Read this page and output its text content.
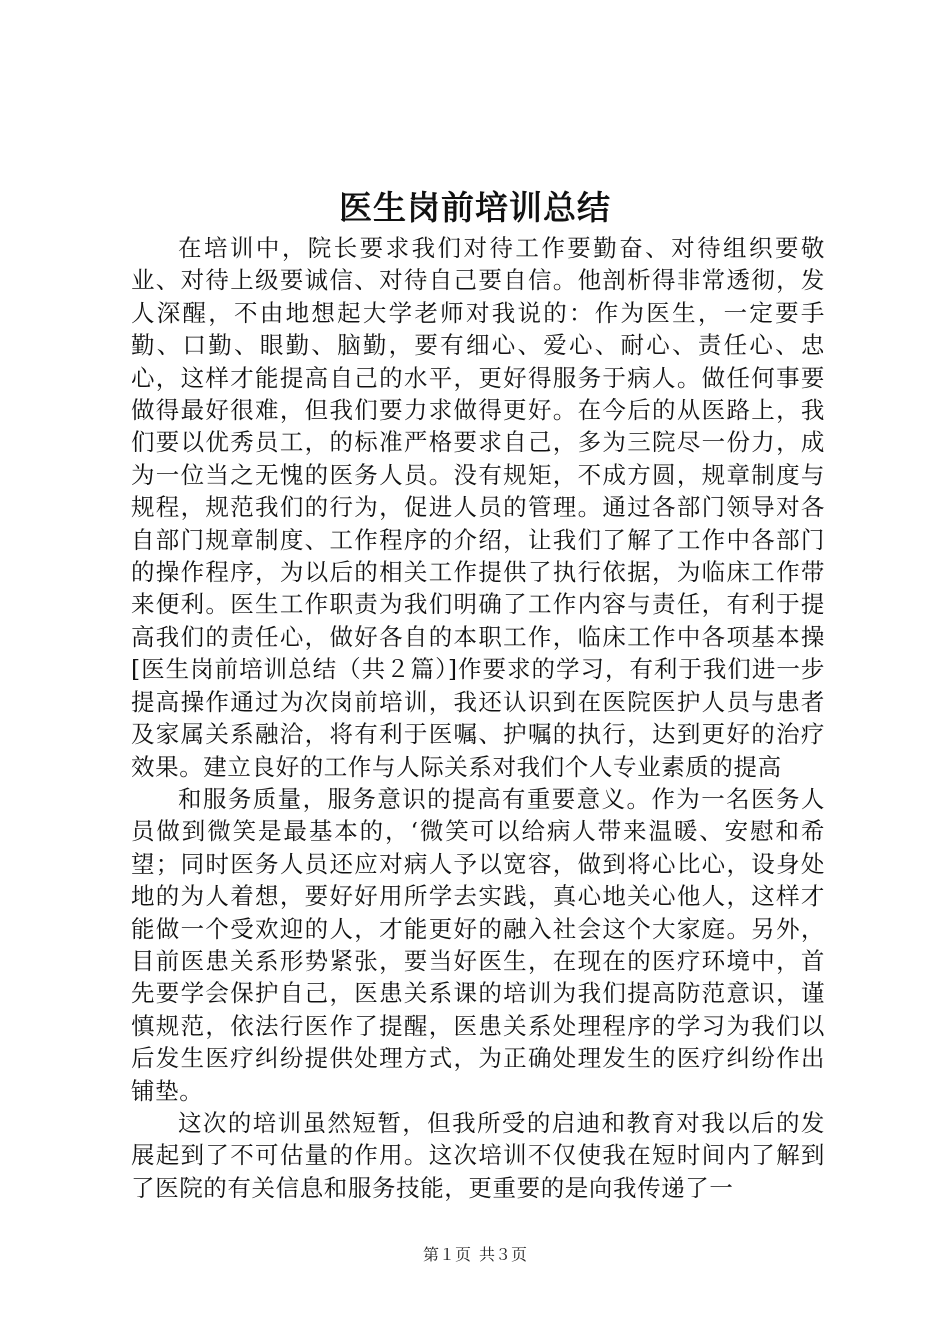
医生岗前培训总结

在培训中，院长要求我们对待工作要勤奋、对待组织要敬业、对待上级要诚信、对待自己要自信。他剖析得非常透彻，发人深醒，不由地想起大学老师对我说的：作为医生，一定要手勤、口勤、眼勤、脑勤，要有细心、爱心、耐心、责任心、忠心，这样才能提高自己的水平，更好得服务于病人。做任何事要做得最好很难，但我们要力求做得更好。在今后的从医路上，我们要以优秀员工，的标准严格要求自己，多为三院尽一份力，成为一位当之无愧的医务人员。没有规矩，不成方圆，规章制度与规程，规范我们的行为，促进人员的管理。通过各部门领导对各自部门规章制度、工作程序的介绍，让我们了解了工作中各部门的操作程序，为以后的相关工作提供了执行依据，为临床工作带来便利。医生工作职责为我们明确了工作内容与责任，有利于提高我们的责任心，做好各自的本职工作，临床工作中各项基本操[医生岗前培训总结（共２篇）]作要求的学习，有利于我们进一步提高操作通过为次岗前培训，我还认识到在医院医护人员与患者及家属关系融洽，将有利于医嘱、护嘱的执行，达到更好的治疗效果。建立良好的工作与人际关系对我们个人专业素质的提高

和服务质量，服务意识的提高有重要意义。作为一名医务人员做到微笑是最基本的，‘微笑可以给病人带来温暖、安慰和希望；同时医务人员还应对病人予以宽容，做到将心比心，设身处地的为人着想，要好好用所学去实践，真心地关心他人，这样才能做一个受欢迎的人，才能更好的融入社会这个大家庭。另外，目前医患关系形势紧张，要当好医生，在现在的医疗环境中，首先要学会保护自己，医患关系课的培训为我们提高防范意识，谨慎规范，依法行医作了提醒，医患关系处理程序的学习为我们以后发生医疗纠纷提供处理方式，为正确处理发生的医疗纠纷作出铺垫。

这次的培训虽然短暂，但我所受的启迪和教育对我以后的发展起到了不可估量的作用。这次培训不仅使我在短时间内了解到了医院的有关信息和服务技能，更重要的是向我传递了一

第１页 共３页
